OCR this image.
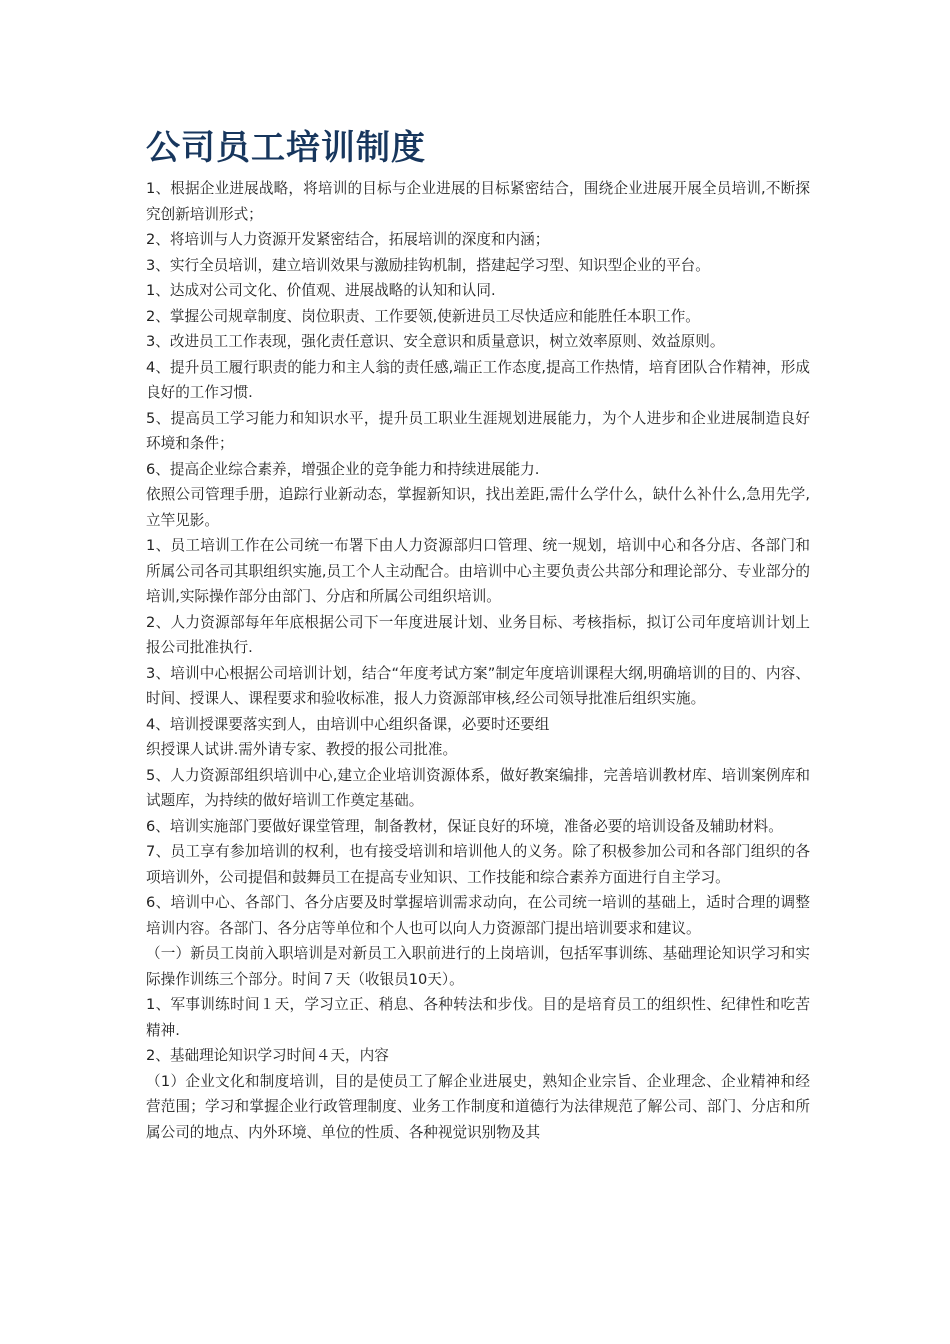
公司员工培训制度

1、根据企业进展战略，将培训的目标与企业进展的目标紧密结合，围绕企业进展开展全员培训,不断探究创新培训形式；

2、将培训与人力资源开发紧密结合，拓展培训的深度和内涵；

3、实行全员培训，建立培训效果与激励挂钩机制，搭建起学习型、知识型企业的平台。

1、达成对公司文化、价值观、进展战略的认知和认同.

2、掌握公司规章制度、岗位职责、工作要领,使新进员工尽快适应和能胜任本职工作。

3、改进员工工作表现，强化责任意识、安全意识和质量意识，树立效率原则、效益原则。

4、提升员工履行职责的能力和主人翁的责任感,端正工作态度,提高工作热情，培育团队合作精神，形成良好的工作习惯.

5、提高员工学习能力和知识水平，提升员工职业生涯规划进展能力，为个人进步和企业进展制造良好环境和条件；

6、提高企业综合素养，增强企业的竞争能力和持续进展能力.

依照公司管理手册，追踪行业新动态，掌握新知识，找出差距,需什么学什么，缺什么补什么,急用先学,立竿见影。

1、员工培训工作在公司统一布署下由人力资源部归口管理、统一规划，培训中心和各分店、各部门和所属公司各司其职组织实施,员工个人主动配合。由培训中心主要负责公共部分和理论部分、专业部分的培训,实际操作部分由部门、分店和所属公司组织培训。

2、人力资源部每年年底根据公司下一年度进展计划、业务目标、考核指标，拟订公司年度培训计划上报公司批准执行.

3、培训中心根据公司培训计划，结合“年度考试方案”制定年度培训课程大纲,明确培训的目的、内容、时间、授课人、课程要求和验收标准，报人力资源部审核,经公司领导批准后组织实施。

4、培训授课要落实到人，由培训中心组织备课，必要时还要组

织授课人试讲.需外请专家、教授的报公司批准。

5、人力资源部组织培训中心,建立企业培训资源体系，做好教案编排，完善培训教材库、培训案例库和试题库，为持续的做好培训工作奠定基础。

6、培训实施部门要做好课堂管理，制备教材，保证良好的环境，准备必要的培训设备及辅助材料。

7、员工享有参加培训的权利，也有接受培训和培训他人的义务。除了积极参加公司和各部门组织的各项培训外，公司提倡和鼓舞员工在提高专业知识、工作技能和综合素养方面进行自主学习。

6、培训中心、各部门、各分店要及时掌握培训需求动向，在公司统一培训的基础上，适时合理的调整培训内容。各部门、各分店等单位和个人也可以向人力资源部门提出培训要求和建议。

（一）新员工岗前入职培训是对新员工入职前进行的上岗培训，包括军事训练、基础理论知识学习和实际操作训练三个部分。时间７天（收银员10天）。

1、军事训练时间１天，学习立正、稍息、各种转法和步伐。目的是培育员工的组织性、纪律性和吃苦精神.

2、基础理论知识学习时间４天，内容

（1）企业文化和制度培训，目的是使员工了解企业进展史，熟知企业宗旨、企业理念、企业精神和经营范围；学习和掌握企业行政管理制度、业务工作制度和道德行为法律规范了解公司、部门、分店和所属公司的地点、内外环境、单位的性质、各种视觉识别物及其
